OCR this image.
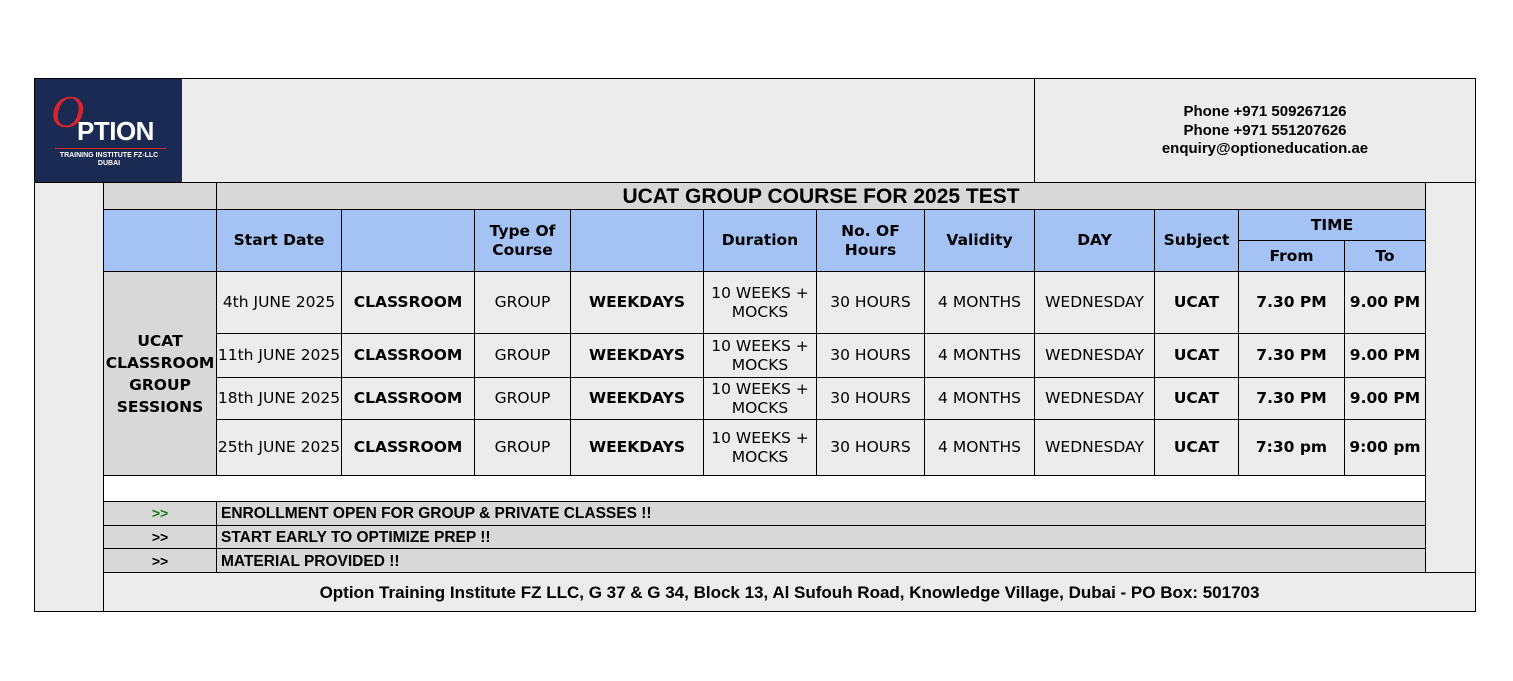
O
PTION
TRAINING INSTITUTE FZ-LLC
DUBAI
Phone +971 509267126
Phone +971 551207626
enquiry@optioneducation.ae
	UCAT GROUP COURSE FOR 2025 TEST										
	Start Date		Type Of Course		Duration	No. OF Hours	Validity	DAY	Subject	TIME	
										From	To
UCAT CLASSROOM GROUP SESSIONS	4th JUNE 2025	CLASSROOM	GROUP	WEEKDAYS	10 WEEKS + MOCKS	30 HOURS	4 MONTHS	WEDNESDAY	UCAT	7.30 PM	9.00 PM
	11th JUNE 2025	CLASSROOM	GROUP	WEEKDAYS	10 WEEKS + MOCKS	30 HOURS	4 MONTHS	WEDNESDAY	UCAT	7.30 PM	9.00 PM
	18th JUNE 2025	CLASSROOM	GROUP	WEEKDAYS	10 WEEKS + MOCKS	30 HOURS	4 MONTHS	WEDNESDAY	UCAT	7.30 PM	9.00 PM
	25th JUNE 2025	CLASSROOM	GROUP	WEEKDAYS	10 WEEKS + MOCKS	30 HOURS	4 MONTHS	WEDNESDAY	UCAT	7:30 pm	9:00 pm

>>	ENROLLMENT OPEN FOR GROUP & PRIVATE CLASSES !!										
>>	START EARLY TO OPTIMIZE PREP !!										
>>	MATERIAL PROVIDED !!										
Option Training Institute FZ LLC, G 37 & G 34, Block 13, Al Sufouh Road, Knowledge Village, Dubai - PO Box: 501703
